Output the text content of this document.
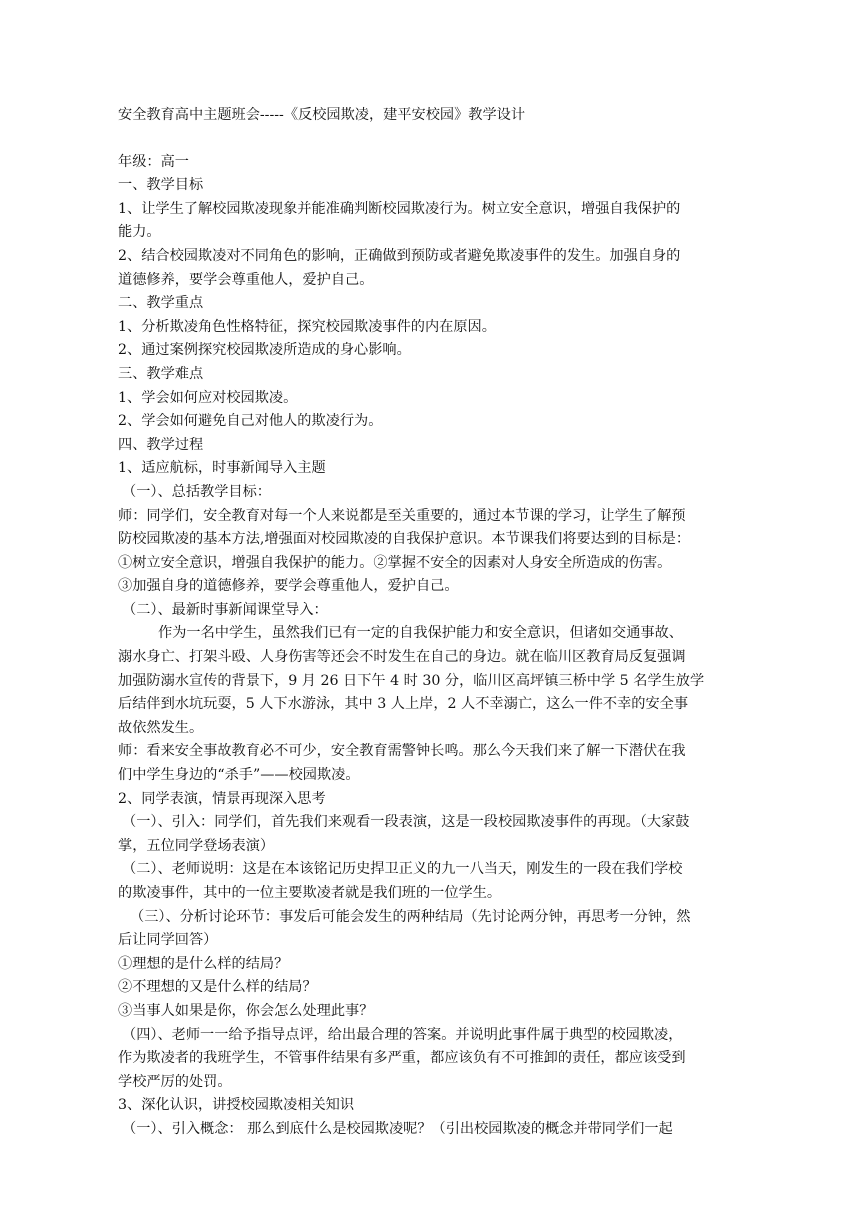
安全教育高中主题班会-----《反校园欺凌，建平安校园》教学设计
年级：高一
一、教学目标
1、让学生了解校园欺凌现象并能准确判断校园欺凌行为。树立安全意识，增强自我保护的
能力。
2、结合校园欺凌对不同角色的影响，正确做到预防或者避免欺凌事件的发生。加强自身的
道德修养，要学会尊重他人，爱护自己。
二、教学重点
1、分析欺凌角色性格特征，探究校园欺凌事件的内在原因。
2、通过案例探究校园欺凌所造成的身心影响。
三、教学难点
1、学会如何应对校园欺凌。
2、学会如何避免自己对他人的欺凌行为。
四、教学过程
1、适应航标，时事新闻导入主题
（一）、总括教学目标：
师：同学们，安全教育对每一个人来说都是至关重要的，通过本节课的学习，让学生了解预
防校园欺凌的基本方法,增强面对校园欺凌的自我保护意识。本节课我们将要达到的目标是：
①树立安全意识，增强自我保护的能力。②掌握不安全的因素对人身安全所造成的伤害。
③加强自身的道德修养，要学会尊重他人，爱护自己。
（二）、最新时事新闻课堂导入：
作为一名中学生，虽然我们已有一定的自我保护能力和安全意识，但诸如交通事故、
溺水身亡、打架斗殴、人身伤害等还会不时发生在自己的身边。就在临川区教育局反复强调
加强防溺水宣传的背景下，9 月 26 日下午 4 时 30 分，临川区高坪镇三桥中学 5 名学生放学
后结伴到水坑玩耍，5 人下水游泳，其中 3 人上岸，2 人不幸溺亡，这么一件不幸的安全事
故依然发生。
师：看来安全事故教育必不可少，安全教育需警钟长鸣。那么今天我们来了解一下潜伏在我
们中学生身边的“杀手”——校园欺凌。
2、同学表演，情景再现深入思考
（一）、引入：同学们，首先我们来观看一段表演，这是一段校园欺凌事件的再现。（大家鼓
掌，五位同学登场表演）
（二）、老师说明：这是在本该铭记历史捍卫正义的九一八当天，刚发生的一段在我们学校
的欺凌事件，其中的一位主要欺凌者就是我们班的一位学生。
（三）、分析讨论环节：事发后可能会发生的两种结局（先讨论两分钟，再思考一分钟，然
后让同学回答）
①理想的是什么样的结局？
②不理想的又是什么样的结局？
③当事人如果是你，你会怎么处理此事？
（四）、老师一一给予指导点评，给出最合理的答案。并说明此事件属于典型的校园欺凌，
作为欺凌者的我班学生，不管事件结果有多严重，都应该负有不可推卸的责任，都应该受到
学校严厉的处罚。
3、深化认识，讲授校园欺凌相关知识
（一）、引入概念： 那么到底什么是校园欺凌呢？（引出校园欺凌的概念并带同学们一起
